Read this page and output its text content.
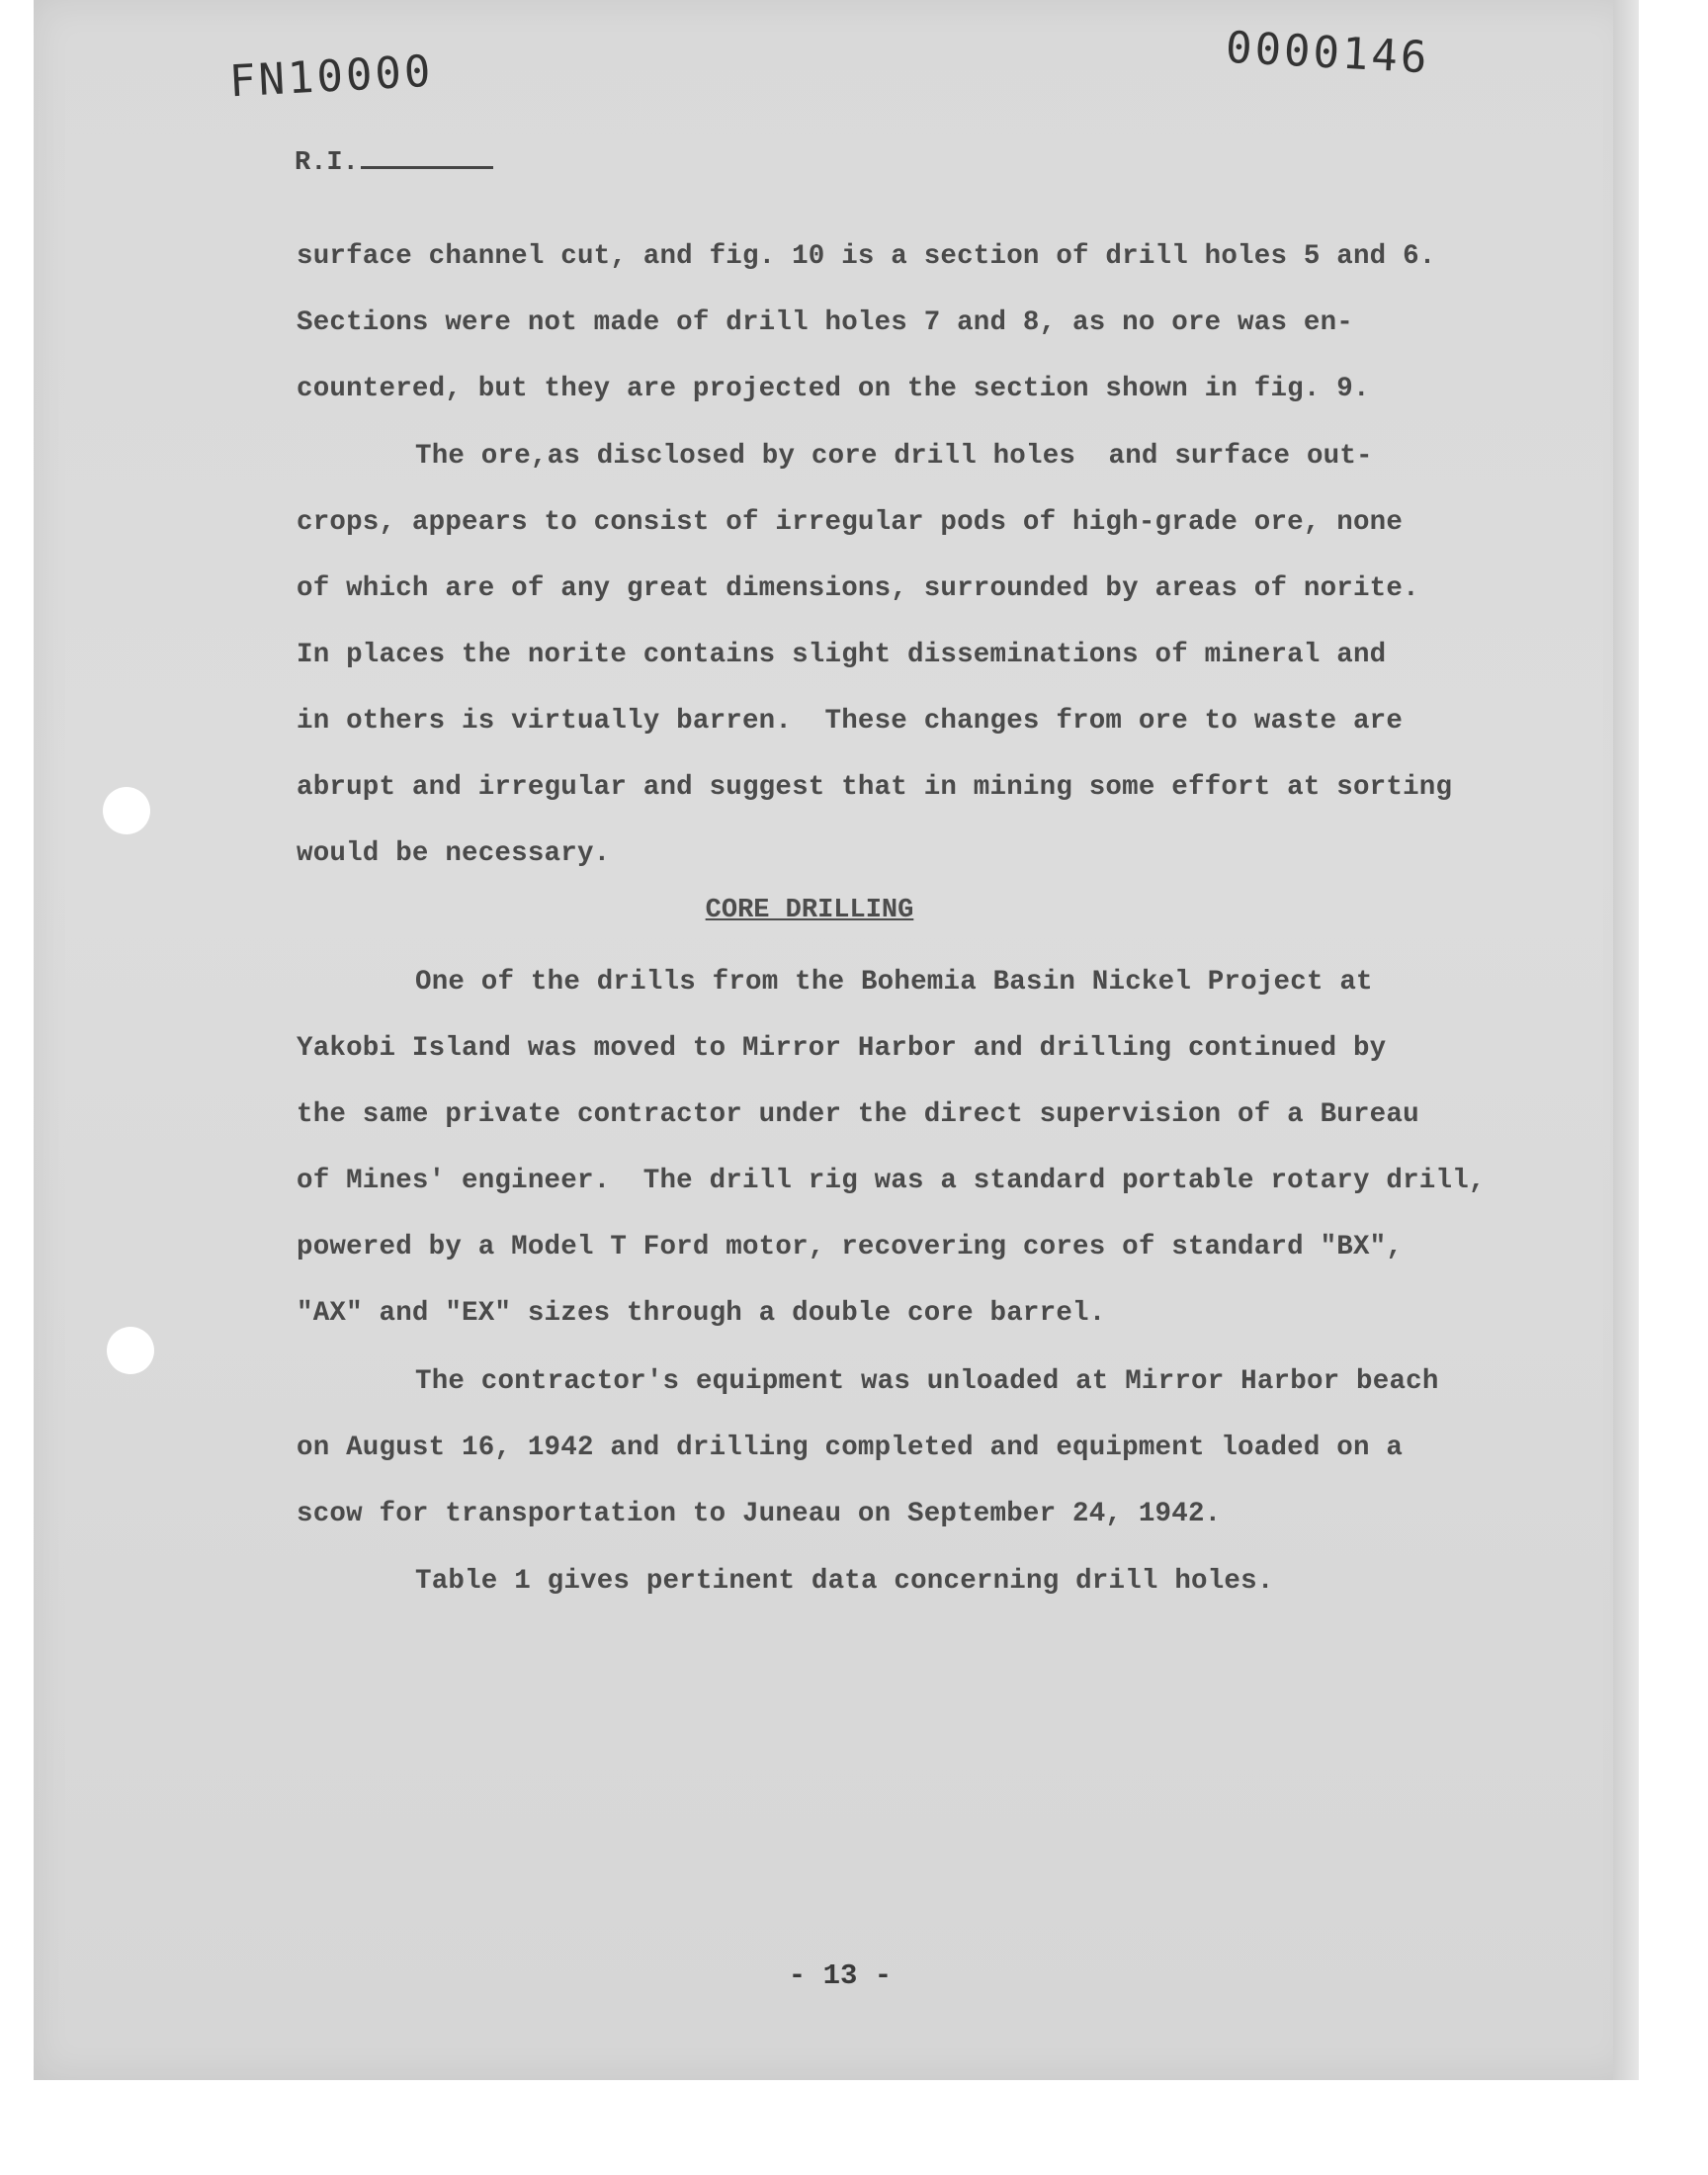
FN10000	0000146
R.I.
surface channel cut, and fig. 10 is a section of drill holes 5 and 6.
Sections were not made of drill holes 7 and 8, as no ore was en-
countered, but they are projected on the section shown in fig. 9.
The ore,as disclosed by core drill holes  and surface out-
crops, appears to consist of irregular pods of high-grade ore, none
of which are of any great dimensions, surrounded by areas of norite.
In places the norite contains slight disseminations of mineral and
in others is virtually barren.  These changes from ore to waste are
abrupt and irregular and suggest that in mining some effort at sorting
would be necessary.
CORE DRILLING
One of the drills from the Bohemia Basin Nickel Project at
Yakobi Island was moved to Mirror Harbor and drilling continued by
the same private contractor under the direct supervision of a Bureau
of Mines' engineer.  The drill rig was a standard portable rotary drill,
powered by a Model T Ford motor, recovering cores of standard "BX",
"AX" and "EX" sizes through a double core barrel.
The contractor's equipment was unloaded at Mirror Harbor beach
on August 16, 1942 and drilling completed and equipment loaded on a
scow for transportation to Juneau on September 24, 1942.
Table 1 gives pertinent data concerning drill holes.
- 13 -
